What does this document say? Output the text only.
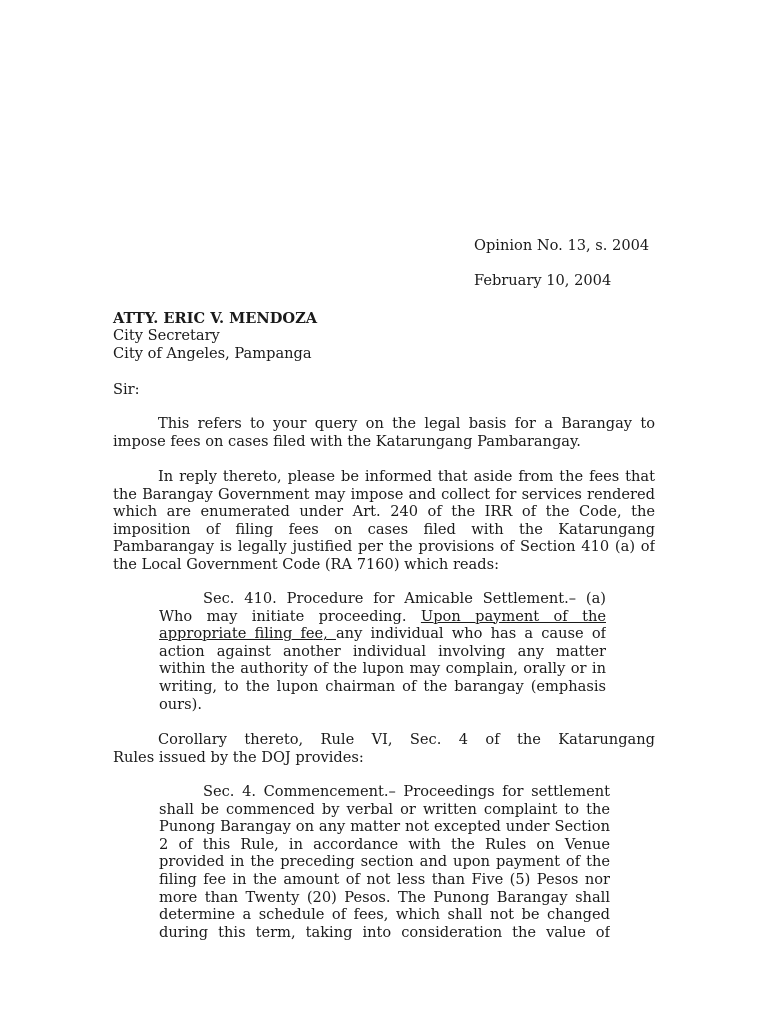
Opinion No. 13, s. 2004
February 10, 2004
ATTY. ERIC V. MENDOZA
City Secretary
City of Angeles, Pampanga
Sir:
This refers to your query on the legal basis for a Barangay to
impose fees on cases filed with the Katarungang Pambarangay.
In reply thereto, please be informed that aside from the fees that
the Barangay Government may impose and collect for services rendered
which are enumerated under Art. 240 of the IRR of the Code, the
imposition of filing fees on cases filed with the Katarungang
Pambarangay is legally justified per the provisions of Section 410 (a) of
the Local Government Code (RA 7160) which reads:
Sec. 410. Procedure for Amicable Settlement.– (a)
Who may initiate proceeding. Upon payment of the
appropriate filing fee, any individual who has a cause of
action against another individual involving any matter
within the authority of the lupon may complain, orally or in
writing, to the lupon chairman of the barangay (emphasis
ours).
Corollary thereto, Rule VI, Sec. 4 of the Katarungang
Rules issued by the DOJ provides:
Sec. 4. Commencement.– Proceedings for settlement
shall be commenced by verbal or written complaint to the
Punong Barangay on any matter not excepted under Section
2 of this Rule, in accordance with the Rules on Venue
provided in the preceding section and upon payment of the
filing fee in the amount of not less than Five (5) Pesos nor
more than Twenty (20) Pesos. The Punong Barangay shall
determine a schedule of fees, which shall not be changed
during this term, taking into consideration the value of
